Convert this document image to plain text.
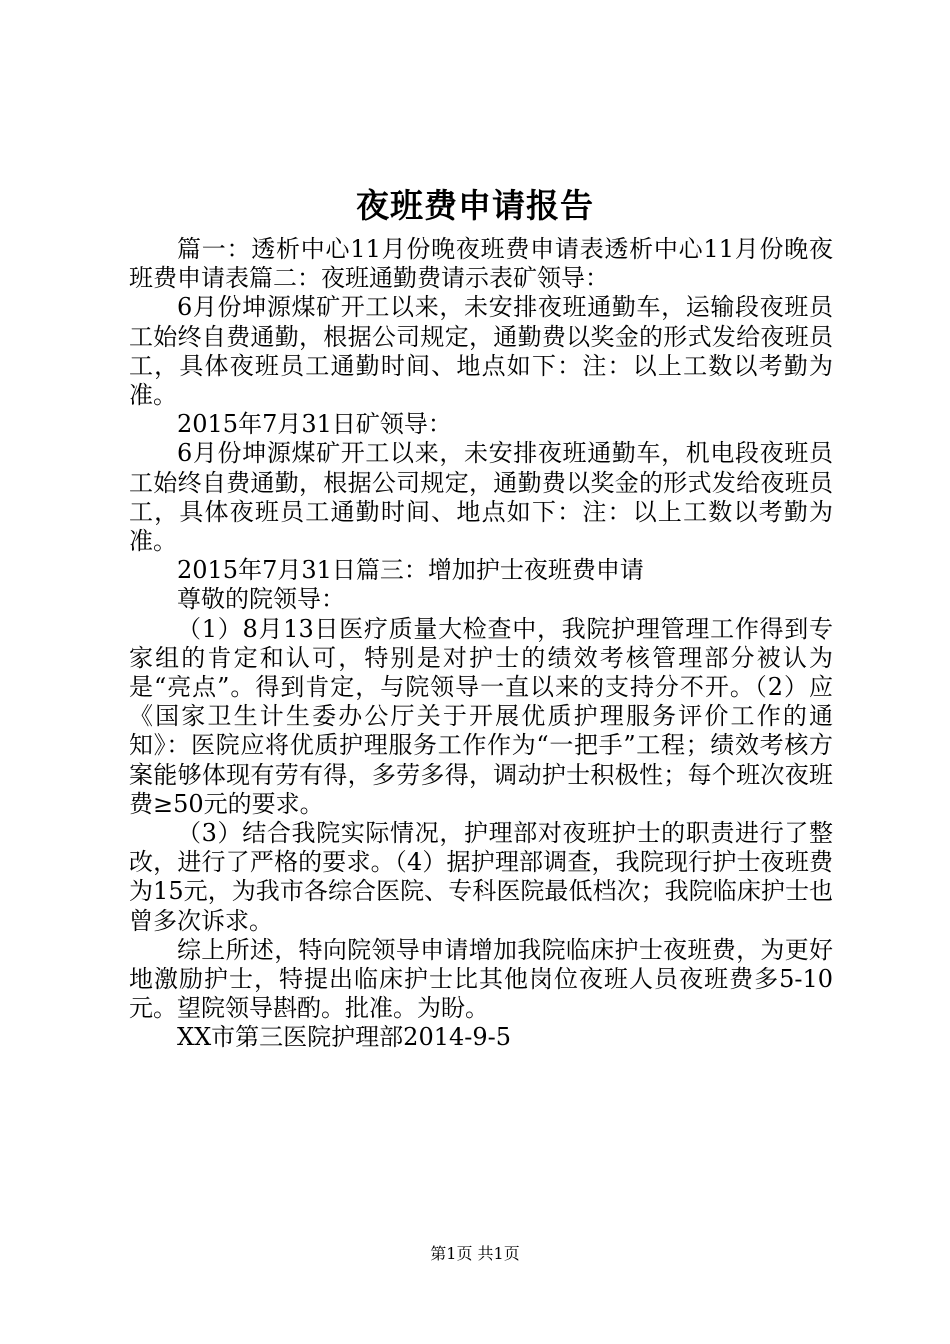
夜班费申请报告

篇一：透析中心11月份晚夜班费申请表透析中心11月份晚夜班费申请表篇二：夜班通勤费请示表矿领导：

6月份坤源煤矿开工以来，未安排夜班通勤车，运输段夜班员工始终自费通勤，根据公司规定，通勤费以奖金的形式发给夜班员工，具体夜班员工通勤时间、地点如下：注：以上工数以考勤为准。

2015年7月31日矿领导：

6月份坤源煤矿开工以来，未安排夜班通勤车，机电段夜班员工始终自费通勤，根据公司规定，通勤费以奖金的形式发给夜班员工，具体夜班员工通勤时间、地点如下：注：以上工数以考勤为准。

2015年7月31日篇三：增加护士夜班费申请

尊敬的院领导：

（1）8月13日医疗质量大检查中，我院护理管理工作得到专家组的肯定和认可，特别是对护士的绩效考核管理部分被认为是“亮点”。得到肯定，与院领导一直以来的支持分不开。（2）应《国家卫生计生委办公厅关于开展优质护理服务评价工作的通知》：医院应将优质护理服务工作作为“一把手”工程；绩效考核方案能够体现有劳有得，多劳多得，调动护士积极性；每个班次夜班费≥50元的要求。

（3）结合我院实际情况，护理部对夜班护士的职责进行了整改，进行了严格的要求。（4）据护理部调查，我院现行护士夜班费为15元，为我市各综合医院、专科医院最低档次；我院临床护士也曾多次诉求。

综上所述，特向院领导申请增加我院临床护士夜班费，为更好地激励护士，特提出临床护士比其他岗位夜班人员夜班费多5-10元。望院领导斟酌。批准。为盼。

XX市第三医院护理部2014-9-5

第1页 共1页
